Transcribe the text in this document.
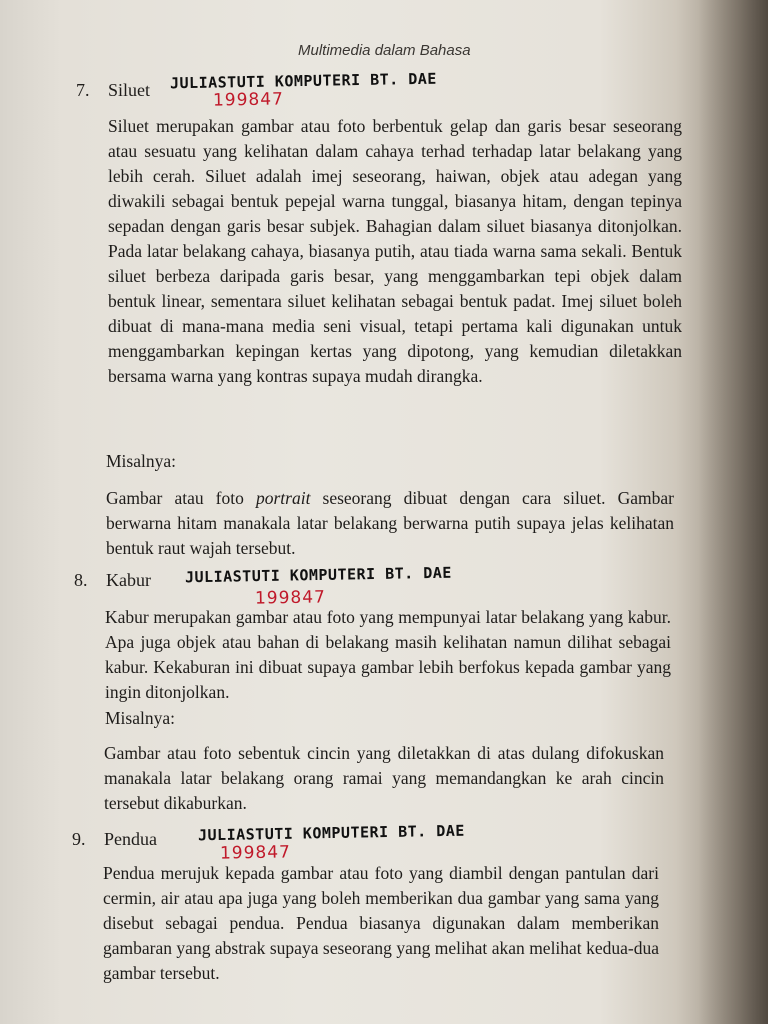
Multimedia dalam Bahasa
7. Siluet JULIASTUTI KOMPUTERI BT. DAE
199847

Siluet merupakan gambar atau foto berbentuk gelap dan garis besar seseorang atau sesuatu yang kelihatan dalam cahaya terhad terhadap latar belakang yang lebih cerah. Siluet adalah imej seseorang, haiwan, objek atau adegan yang diwakili sebagai bentuk pepejal warna tunggal, biasanya hitam, dengan tepinya sepadan dengan garis besar subjek. Bahagian dalam siluet biasanya ditonjolkan. Pada latar belakang cahaya, biasanya putih, atau tiada warna sama sekali. Bentuk siluet berbeza daripada garis besar, yang menggambarkan tepi objek dalam bentuk linear, sementara siluet kelihatan sebagai bentuk padat. Imej siluet boleh dibuat di mana-mana media seni visual, tetapi pertama kali digunakan untuk menggambarkan kepingan kertas yang dipotong, yang kemudian diletakkan bersama warna yang kontras supaya mudah dirangka.

Misalnya:

Gambar atau foto portrait seseorang dibuat dengan cara siluet. Gambar berwarna hitam manakala latar belakang berwarna putih supaya jelas kelihatan bentuk raut wajah tersebut.

8. Kabur JULIASTUTI KOMPUTERI BT. DAE
199847

Kabur merupakan gambar atau foto yang mempunyai latar belakang yang kabur. Apa juga objek atau bahan di belakang masih kelihatan namun dilihat sebagai kabur. Kekaburan ini dibuat supaya gambar lebih berfokus kepada gambar yang ingin ditonjolkan.

Misalnya:

Gambar atau foto sebentuk cincin yang diletakkan di atas dulang difokuskan manakala latar belakang orang ramai yang memandangkan ke arah cincin tersebut dikaburkan.

9. Pendua	JULIASTUTI KOMPUTERI BT. DAE
199847

Pendua merujuk kepada gambar atau foto yang diambil dengan pantulan dari cermin, air atau apa juga yang boleh memberikan dua gambar yang sama yang disebut sebagai pendua. Pendua biasanya digunakan dalam memberikan gambaran yang abstrak supaya seseorang yang melihat akan melihat kedua-dua gambar tersebut.
